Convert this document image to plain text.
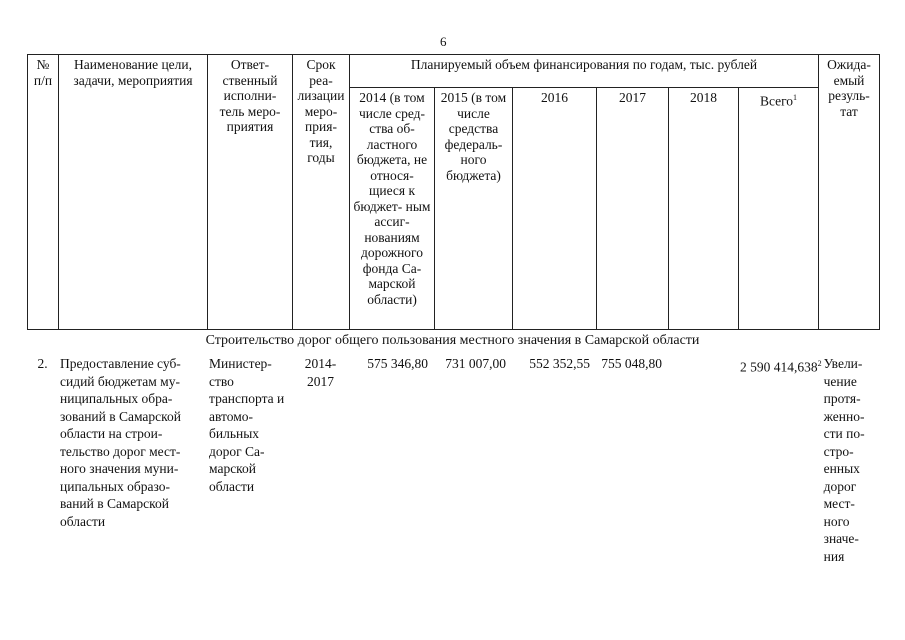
6
№ п/п	Наименование цели, задачи, мероприятия	Ответ- ственный исполни- тель меро- приятия	Срок реа- лизации меро- прия- тия, годы	Планируемый объем финансирования по годам, тыс. рублей						Ожида- емый резуль- тат
				2014 (в том числе сред- ства об- ластного бюджета, не относя- щиеся к бюджет- ным ассиг- нованиям дорожного фонда Са- марской области)	2015 (в том числе средства федераль- ного бюджета)	2016	2017	2018	Всего$^1$
Строительство дорог общего пользования местного значения в Самарской области
2.	Предоставление суб- сидий бюджетам му- ниципальных обра- зований в Самарской области на строи- тельство дорог мест- ного значения муни- ципальных образо- ваний в Самарской области	Министер- ство транспорта и автомо- бильных дорог Са- марской области	2014- 2017	575 346,80	731 007,00	552 352,55	755 048,80		2 590 414,638$^2$	Увели- чение протя- женно- сти по- стро- енных дорог мест- ного значе- ния
